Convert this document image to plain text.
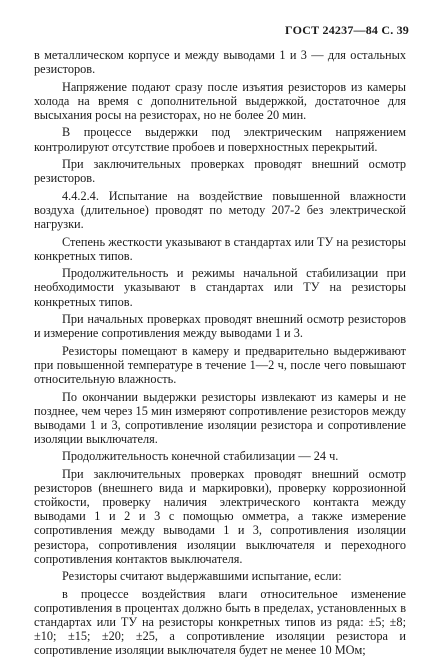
ГОСТ 24237—84 С. 39

в металлическом корпусе и между выводами 1 и 3 — для остальных резисторов.

Напряжение подают сразу после изъятия резисторов из камеры холода на время с дополнительной выдержкой, достаточное для высыхания росы на резисторах, но не более 20 мин.

В процессе выдержки под электрическим напряжением контролируют отсутствие пробоев и поверхностных перекрытий.

При заключительных проверках проводят внешний осмотр резисторов.

4.4.2.4. Испытание на воздействие повышенной влажности воздуха (длительное) проводят по методу 207-2 без электрической нагрузки.

Степень жесткости указывают в стандартах или ТУ на резисторы конкретных типов.

Продолжительность и режимы начальной стабилизации при необходимости указывают в стандартах или ТУ на резисторы конкретных типов.

При начальных проверках проводят внешний осмотр резисторов и измерение сопротивления между выводами 1 и 3.

Резисторы помещают в камеру и предварительно выдерживают при повышенной температуре в течение 1—2 ч, после чего повышают относительную влажность.

По окончании выдержки резисторы извлекают из камеры и не позднее, чем через 15 мин измеряют сопротивление резисторов между выводами 1 и 3, сопротивление изоляции резистора и сопротивление изоляции выключателя.

Продолжительность конечной стабилизации — 24 ч.

При заключительных проверках проводят внешний осмотр резисторов (внешнего вида и маркировки), проверку коррозионной стойкости, проверку наличия электрического контакта между выводами 1 и 2 и 3 с помощью омметра, а также измерение сопротивления между выводами 1 и 3, сопротивления изоляции резистора, сопротивления изоляции выключателя и переходного сопротивления контактов выключателя.

Резисторы считают выдержавшими испытание, если:

в процессе воздействия влаги относительное изменение сопротивления в процентах должно быть в пределах, установленных в стандартах или ТУ на резисторы конкретных типов из ряда: ±5; ±8; ±10; ±15; ±20; ±25, а сопротивление изоляции резистора и сопротивление изоляции выключателя будет не менее 10 МОм;
